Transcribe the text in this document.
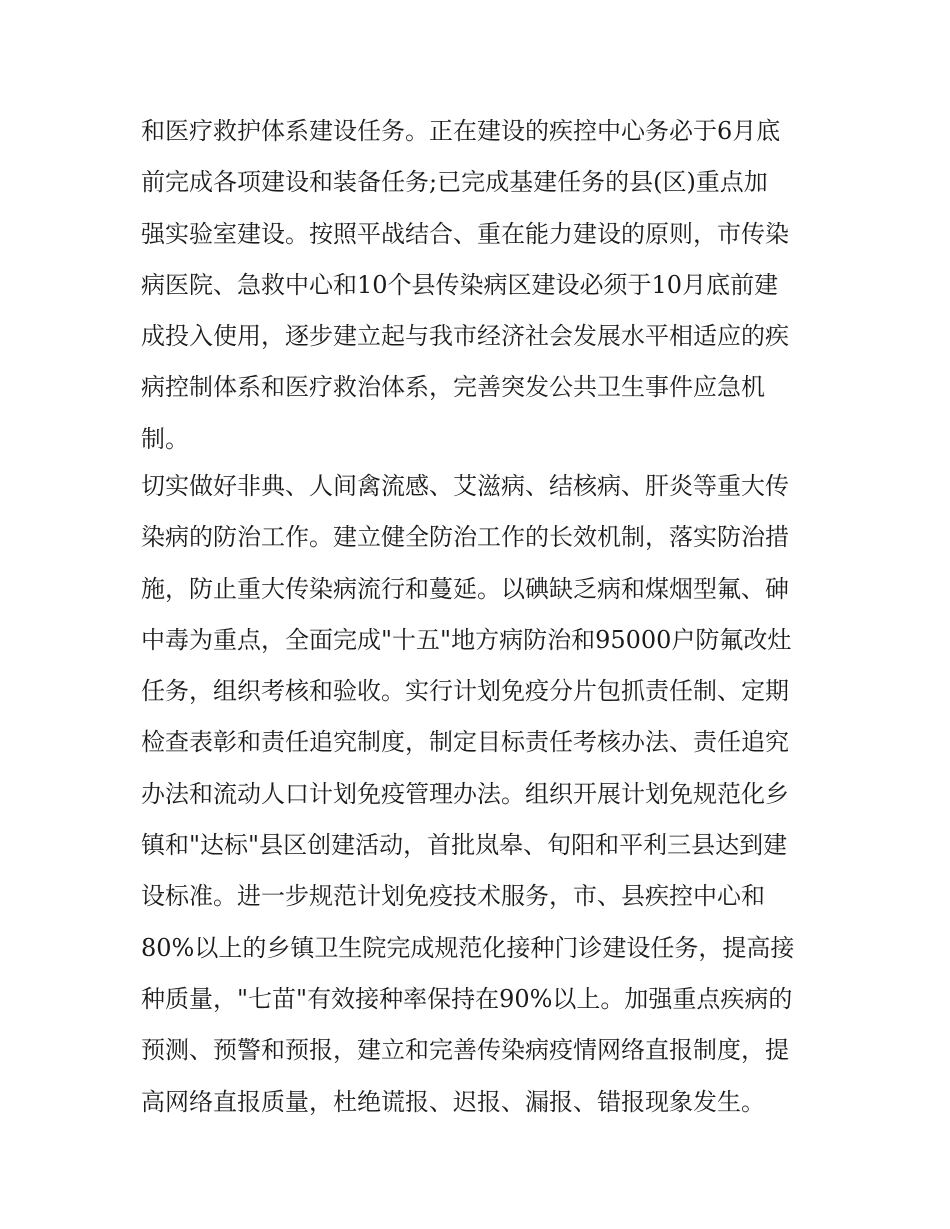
和医疗救护体系建设任务。正在建设的疾控中心务必于6月底
前完成各项建设和装备任务;已完成基建任务的县(区)重点加
强实验室建设。按照平战结合、重在能力建设的原则，市传染
病医院、急救中心和10个县传染病区建设必须于10月底前建
成投入使用，逐步建立起与我市经济社会发展水平相适应的疾
病控制体系和医疗救治体系，完善突发公共卫生事件应急机
制。
切实做好非典、人间禽流感、艾滋病、结核病、肝炎等重大传
染病的防治工作。建立健全防治工作的长效机制，落实防治措
施，防止重大传染病流行和蔓延。以碘缺乏病和煤烟型氟、砷
中毒为重点，全面完成"十五"地方病防治和95000户防氟改灶
任务，组织考核和验收。实行计划免疫分片包抓责任制、定期
检查表彰和责任追究制度，制定目标责任考核办法、责任追究
办法和流动人口计划免疫管理办法。组织开展计划免规范化乡
镇和"达标"县区创建活动，首批岚皋、旬阳和平利三县达到建
设标准。进一步规范计划免疫技术服务，市、县疾控中心和
80%以上的乡镇卫生院完成规范化接种门诊建设任务，提高接
种质量，"七苗"有效接种率保持在90%以上。加强重点疾病的
预测、预警和预报，建立和完善传染病疫情网络直报制度，提
高网络直报质量，杜绝谎报、迟报、漏报、错报现象发生。
